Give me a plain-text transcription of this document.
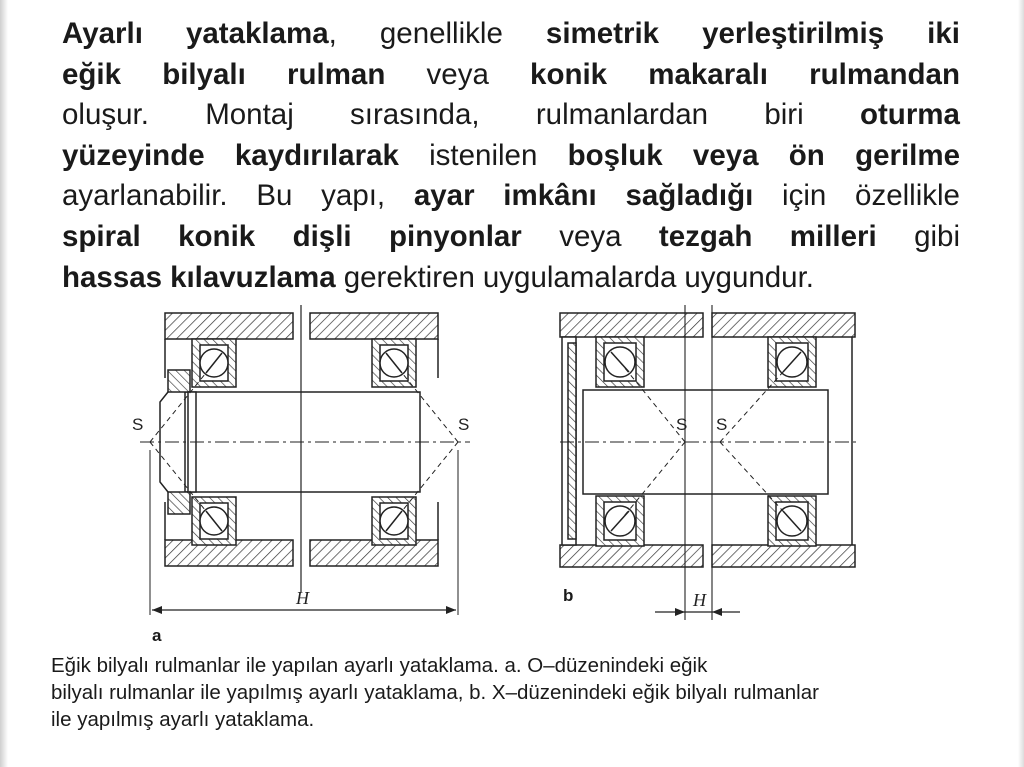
Ayarlı yataklama, genellikle simetrik yerleştirilmiş iki
eğik bilyalı rulman veya konik makaralı rulmandan
oluşur. Montaj sırasında, rulmanlardan biri oturma
yüzeyinde kaydırılarak istenilen boşluk veya ön gerilme
ayarlanabilir. Bu yapı, ayar imkânı sağladığı için özellikle
spiral konik dişli pinyonlar veya tezgah milleri gibi
hassas kılavuzlama gerektiren uygulamalarda uygundur.
S	S	S S
H	H
b
a
Eğik bilyalı rulmanlar ile yapılan ayarlı yataklama. a. O–düzenindeki eğik
bilyalı rulmanlar ile yapılmış ayarlı yataklama, b. X–düzenindeki eğik bilyalı rulmanlar
ile yapılmış ayarlı yataklama.
